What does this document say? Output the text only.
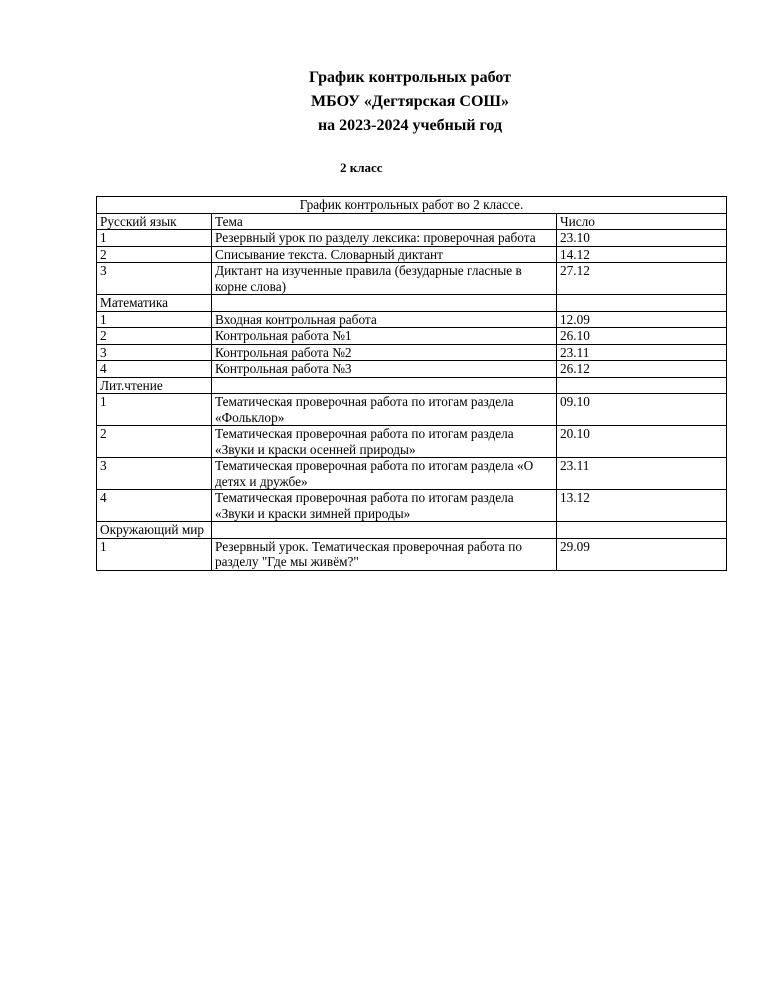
График контрольных работ

МБОУ «Дегтярская СОШ»

на 2023-2024 учебный год

2 класс
График контрольных работ во 2 классе.		
Русский язык	Тема	Число
1	Резервный урок по разделу лексика: проверочная работа	23.10
2	Списывание текста. Словарный диктант	14.12
3	Диктант на изученные правила (безударные гласные в корне слова)	27.12
Математика		
1	Входная контрольная работа	12.09
2	Контрольная работа №1	26.10
3	Контрольная работа №2	23.11
4	Контрольная работа №3	26.12
Лит.чтение		
1	Тематическая проверочная работа по итогам раздела «Фольклор»	09.10
2	Тематическая проверочная работа по итогам раздела «Звуки и краски осенней природы»	20.10
3	Тематическая проверочная работа по итогам раздела «О детях и дружбе»	23.11
4	Тематическая проверочная работа по итогам раздела «Звуки и краски зимней природы»	13.12
Окружающий мир		
1	Резервный урок. Тематическая проверочная работа по разделу "Где мы живём?"	29.09
